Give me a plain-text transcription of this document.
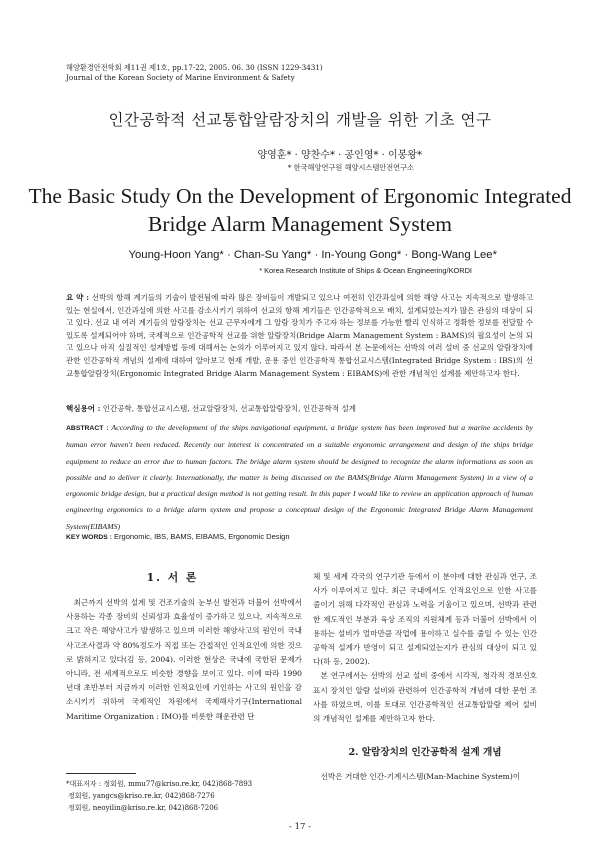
해양환경안전학회 제11권 제1호, pp.17-22, 2005. 06. 30 (ISSN 1229-3431)
Journal of the Korean Society of Marine Environment & Safety
인간공학적 선교통합알람장치의 개발을 위한 기초 연구
양영훈* · 양찬수* · 공인영* · 이봉왕*
* 한국해양연구원 해양시스템안전연구소
The Basic Study On the Development of Ergonomic Integrated
Bridge Alarm Management System
Young-Hoon Yang* · Chan-Su Yang* · In-Young Gong* · Bong-Wang Lee*
* Korea Research Institute of Ships & Ocean Engineering/KORDI
요 약 : 선박의 항해 계기들의 기술이 발전됨에 따라 많은 장비들이 개발되고 있으나 여전히 인간과실에 의한 해양 사고는 지속적으로 발생하고 있는 현실에서, 인간과실에 의한 사고를 감소시키기 위하여 선교의 항해 계기들은 인간공학적으로 배치, 설계되었는지가 많은 관심의 대상이 되고 있다. 선교 내 여러 계기들의 알람장치는 선교 근무자에게 그 알람 장치가 주고자 하는 정보를 가능한 빨리 인식하고 정확한 정보를 전달할 수 있도록 설계되어야 하며, 국제적으로 인간공학적 선교를 위한 알람장치(Bridge Alarm Management System : BAMS)의 필요성이 논의 되고 있으나 아직 실질적인 설계방법 등에 대해서는 논의가 이루어지고 있지 않다. 따라서 본 논문에서는 선박의 여러 설비 중 선교의 알람장치에 관한 인간공학적 개념의 설계에 대하여 알아보고 현재 개발, 운용 중인 인간공학적 통합선교시스템(Integrated Bridge System : IBS)의 선교통합알람장치(Ergonomic Integrated Bridge Alarm Management System : EIBAMS)에 관한 개념적인 설계를 제안하고자 한다.
핵심용어 : 인간공학, 통합선교시스템, 선교알람장치, 선교통합알람장치, 인간공학적 설계
ABSTRACT : According to the development of the ships navigational equipment, a bridge system has been improved but a marine accidents by human error haven't been reduced. Recently our interest is concentrated on a suitable ergonomic arrangement and design of the ships bridge equipment to reduce an error due to human factors. The bridge alarm system should be designed to recognize the alarm informations as soon as possible and to deliver it clearly. Internationally, the matter is being discussed on the BAMS(Bridge Alarm Management System) in a view of a ergonomic bridge design, but a practical design method is not getting result. In this paper I would like to review an application approach of human engineering ergonomics to a bridge alarm system and propose a conceptual design of the Ergonomic Integrated Bridge Alarm Management System(EIBAMS)
KEY WORDS : Ergonomic, IBS, BAMS, EIBAMS, Ergonomic Design
1. 서 론

최근까지 선박의 설계 및 건조기술의 눈부신 발전과 더불어 선박에서 사용하는 각종 장비의 신뢰성과 효율성이 증가하고 있으나, 지속적으로 크고 작은 해양사고가 발생하고 있으며 이러한 해양사고의 원인이 국내 사고조사결과 약 80%정도가 직접 또는 간접적인 인적요인에 의한 것으로 밝혀지고 있다(김 등, 2004). 이러한 현상은 국내에 국한된 문제가 아니라, 전 세계적으로도 비슷한 경향을 보이고 있다. 이에 따라 1990년대 초반부터 지금까지 이러한 인적요인에 기인하는 사고의 원인을 감소시키기 위하여 국제적인 차원에서 국제해사기구(International Maritime Organization : IMO)를 비롯한 해운관련 단

체 및 세계 각국의 연구기관 등에서 이 분야에 대한 관심과 연구, 조사가 이루어지고 있다. 최근 국내에서도 인적요인으로 인한 사고를 줄이기 위해 다각적인 관심과 노력을 기울이고 있으며, 선박과 관련한 제도적인 부분과 육상 조직의 지원체계 등과 더불어 선박에서 이용하는 설비가 얼마만큼 작업에 용이하고 실수를 줄일 수 있는 인간공학적 설계가 반영이 되고 설계되었는지가 관심의 대상이 되고 있다(하 등, 2002).

본 연구에서는 선박의 선교 설비 중에서 시각적, 청각적 경보신호 표시 장치인 알람 설비와 관련하여 인간공학적 개념에 대한 문헌 조사를 하였으며, 이를 토대로 인간공학적인 선교통합알람 제어 설비의 개념적인 설계를 제안하고자 한다.

*대표저자 : 정회원, mmu77@kriso.re.kr, 042)868-7893
정회원, yangcs@kriso.re.kr, 042)868-7276
정회원, neoyilin@kriso.re.kr, 042)868-7206
2. 알람장치의 인간공학적 설계 개념

선박은 거대한 인간-기계시스템(Man-Machine System)이

- 17 -
